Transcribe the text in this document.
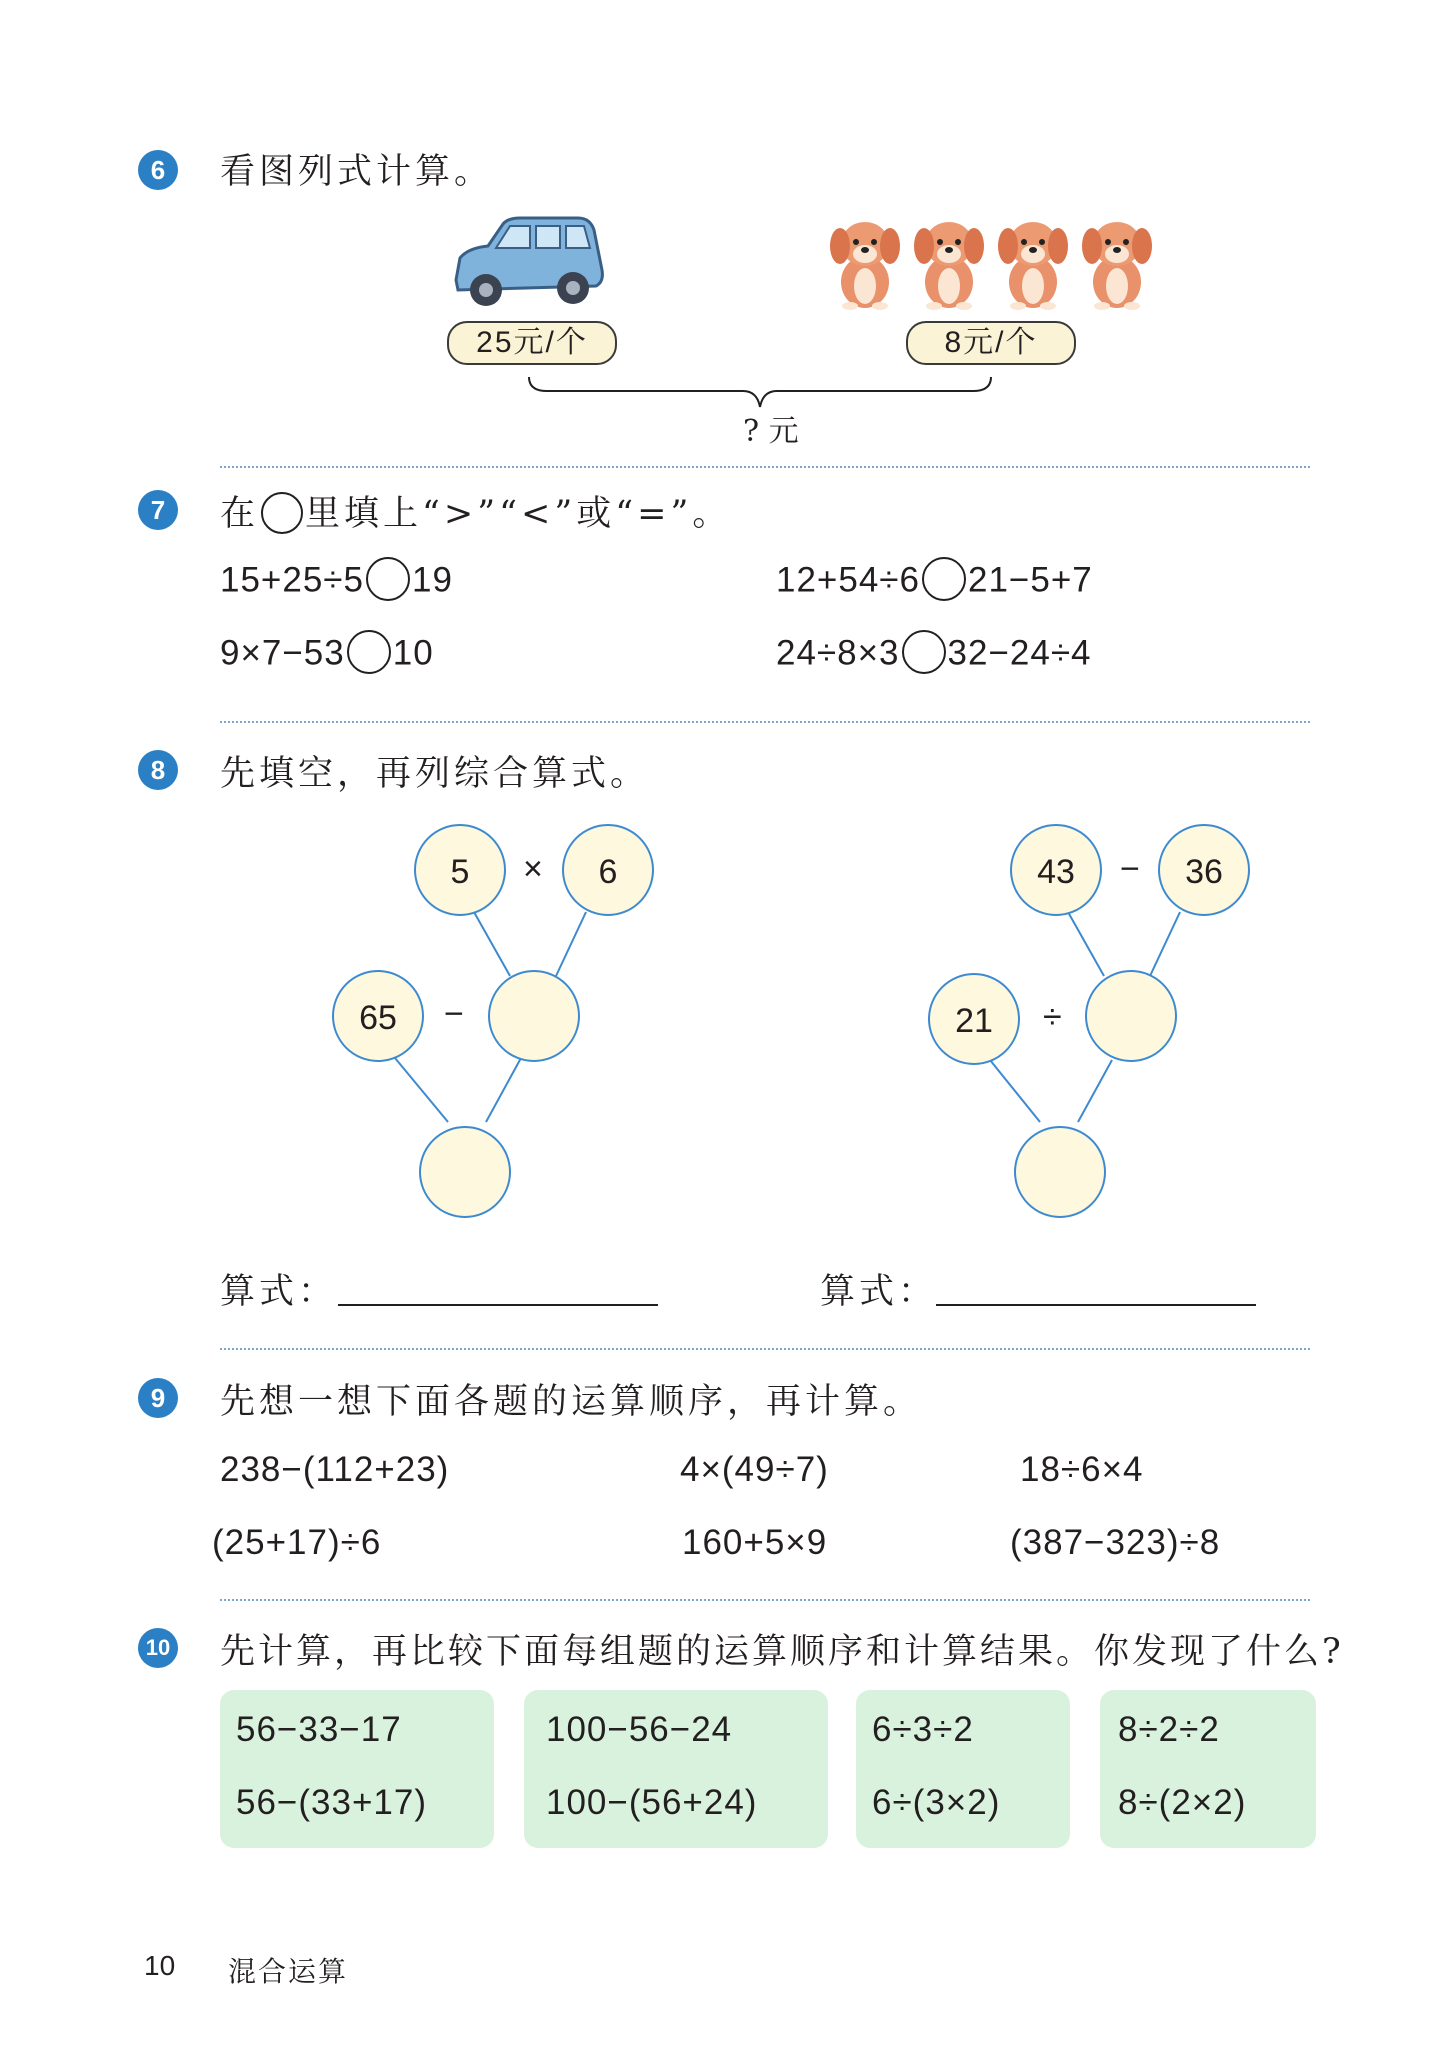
6	看图列式计算。
25元/个	8元/个
? 元
7	在 里填上“>”“<”或“=”。
15+25÷5 19	12+54÷6 21−5+7
9×7−53 10	24÷8×3 32−24÷4
8	先填空，再列综合算式。
5	×	6
65	−
43	−	36
21	÷
算式：	算式：
9	先想一想下面各题的运算顺序，再计算。
238−(112+23)	4×(49÷7)	18÷6×4
(25+17)÷6	160+5×9	(387−323)÷8
10 先计算，再比较下面每组题的运算顺序和计算结果。你发现了什么?
56−33−17
56−(33+17)
100−56−24
100−(56+24)
6÷3÷2
6÷(3×2)
8÷2÷2
8÷(2×2)
10 混合运算
